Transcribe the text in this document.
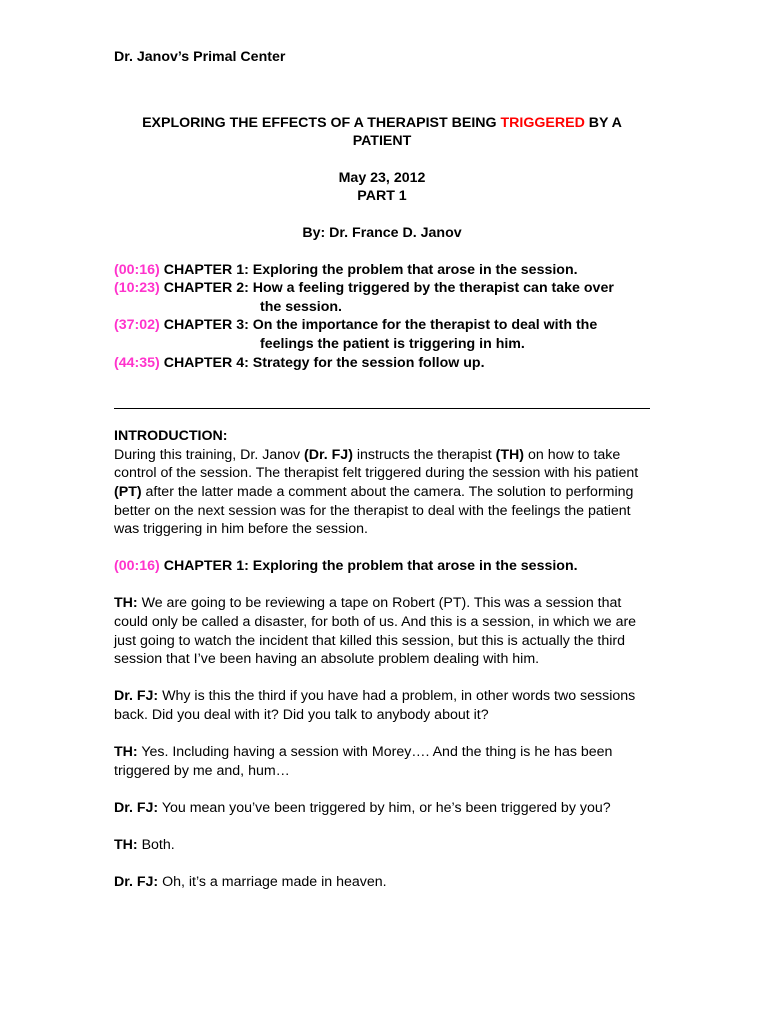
Dr. Janov’s Primal Center
EXPLORING THE EFFECTS OF A THERAPIST BEING TRIGGERED BY A
PATIENT
May 23, 2012
PART 1
By: Dr. France D. Janov
(00:16) CHAPTER 1: Exploring the problem that arose in the session.
(10:23) CHAPTER 2: How a feeling triggered by the therapist can take over
the session.
(37:02) CHAPTER 3: On the importance for the therapist to deal with the
feelings the patient is triggering in him.
(44:35) CHAPTER 4: Strategy for the session follow up.
INTRODUCTION:

During this training, Dr. Janov (Dr. FJ) instructs the therapist (TH) on how to take control of the session. The therapist felt triggered during the session with his patient (PT) after the latter made a comment about the camera. The solution to performing better on the next session was for the therapist to deal with the feelings the patient was triggering in him before the session.

(00:16) CHAPTER 1: Exploring the problem that arose in the session.

TH: We are going to be reviewing a tape on Robert (PT). This was a session that could only be called a disaster, for both of us. And this is a session, in which we are just going to watch the incident that killed this session, but this is actually the third session that I’ve been having an absolute problem dealing with him.

Dr. FJ: Why is this the third if you have had a problem, in other words two sessions back. Did you deal with it? Did you talk to anybody about it?

TH: Yes. Including having a session with Morey…. And the thing is he has been triggered by me and, hum…

Dr. FJ: You mean you’ve been triggered by him, or he’s been triggered by you?

TH: Both.

Dr. FJ: Oh, it’s a marriage made in heaven.
